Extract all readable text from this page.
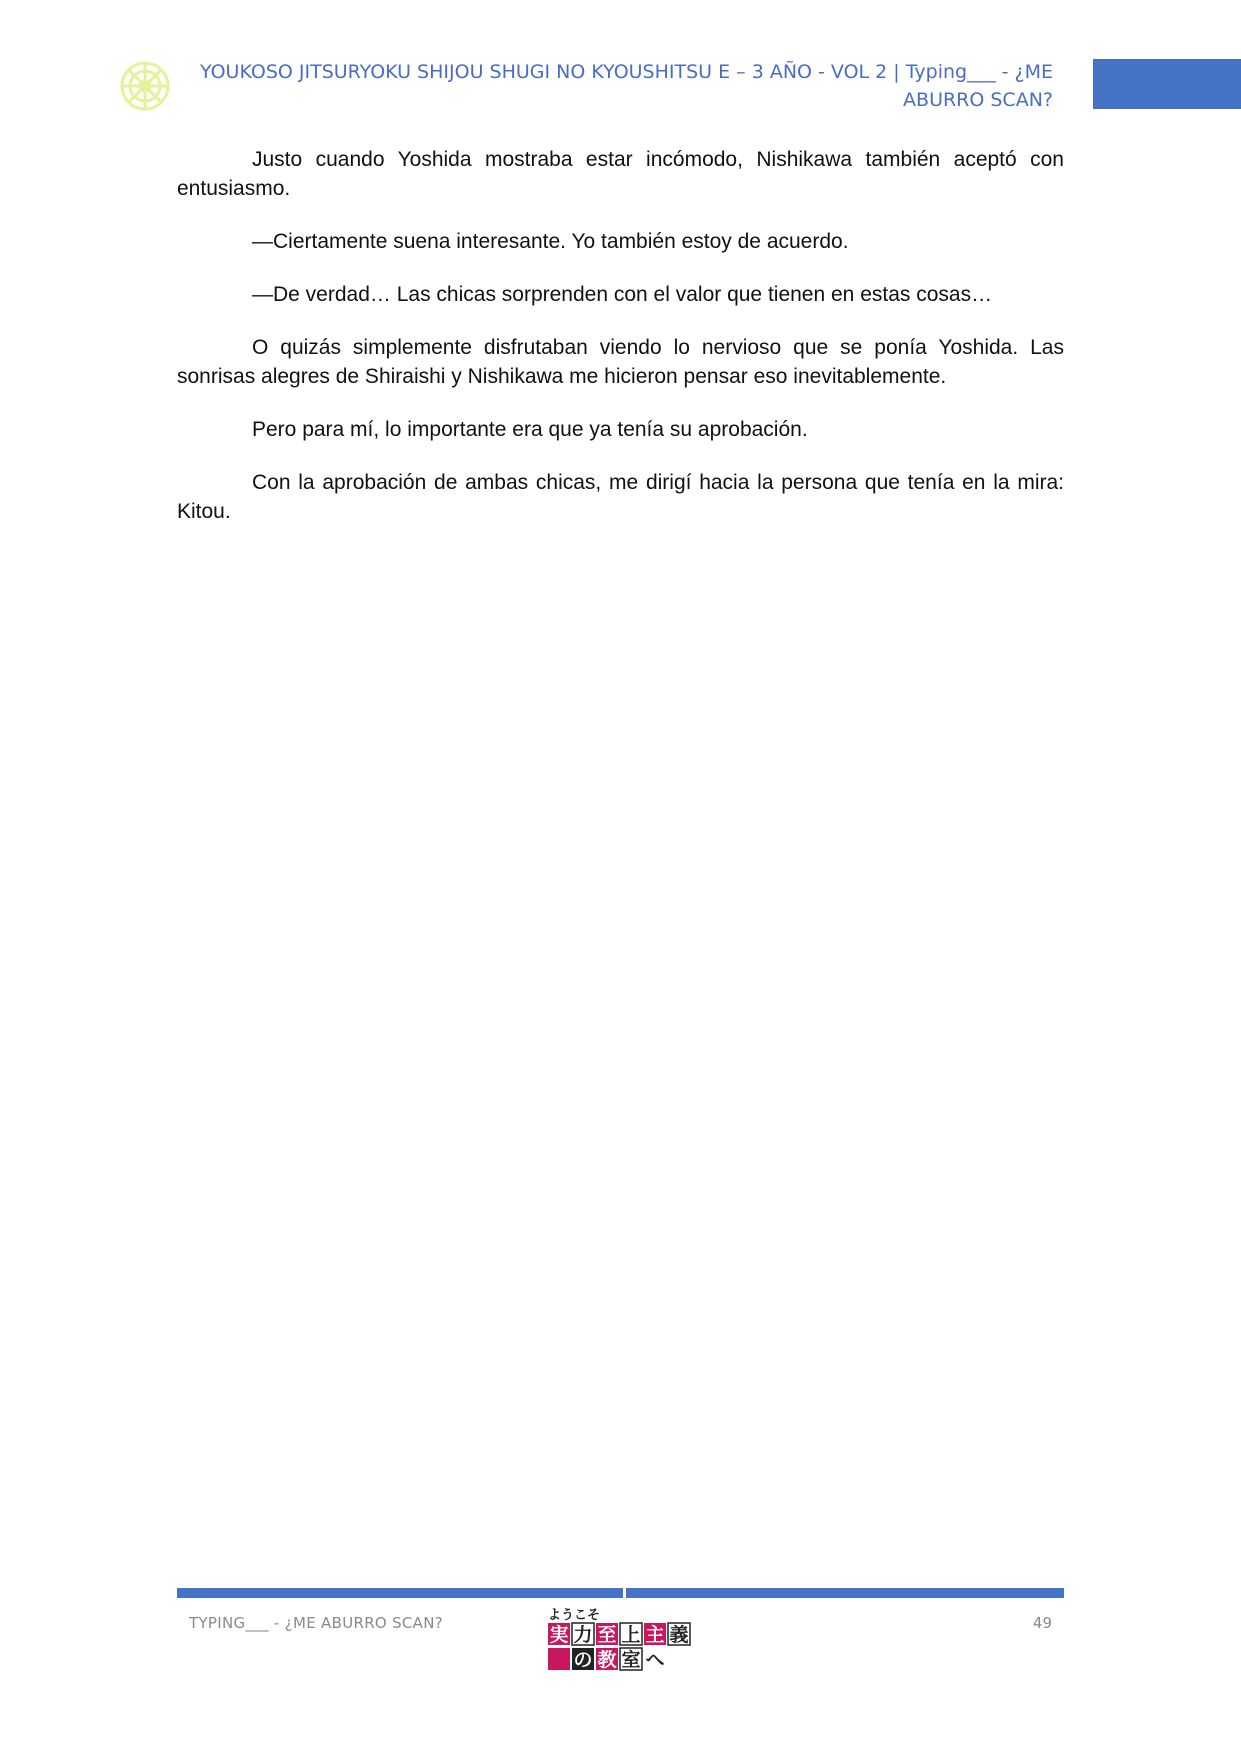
YOUKOSO JITSURYOKU SHIJOU SHUGI NO KYOUSHITSU E – 3 AÑO - VOL 2 | Typing___ - ¿ME
ABURRO SCAN?

Justo cuando Yoshida mostraba estar incómodo, Nishikawa también aceptó con entusiasmo.

—Ciertamente suena interesante. Yo también estoy de acuerdo.

—De verdad… Las chicas sorprenden con el valor que tienen en estas cosas…

O quizás simplemente disfrutaban viendo lo nervioso que se ponía Yoshida. Las sonrisas alegres de Shiraishi y Nishikawa me hicieron pensar eso inevitablemente.

Pero para mí, lo importante era que ya tenía su aprobación.

Con la aprobación de ambas chicas, me dirigí hacia la persona que tenía en la mira: Kitou.

TYPING___ - ¿ME ABURRO SCAN?	ようこそ
実 力 至 上 主 義
の 教 室 へ
49
